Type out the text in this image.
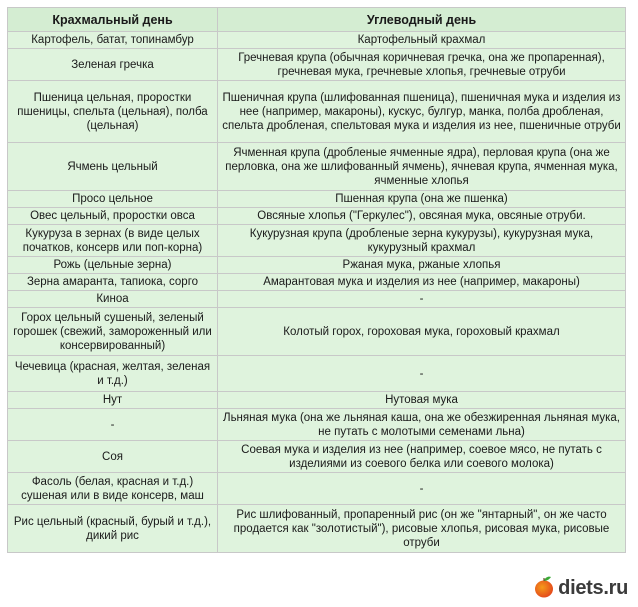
Крахмальный день	Углеводный день
Картофель, батат, топинамбур	Картофельный крахмал
Зеленая гречка	Гречневая крупа (обычная коричневая гречка, она же пропаренная), гречневая мука, гречневые хлопья, гречневые отруби
Пшеница цельная, проростки пшеницы, спельта (цельная), полба (цельная)	Пшеничная крупа (шлифованная пшеница), пшеничная мука и изделия из нее (например, макароны), кускус, булгур, манка, полба дробленая, спельта дробленая, спельтовая мука и изделия из нее, пшеничные отруби
Ячмень цельный	Ячменная крупа (дробленые ячменные ядра), перловая крупа (она же перловка, она же шлифованный ячмень), ячневая крупа, ячменная мука, ячменные хлопья
Просо цельное	Пшенная крупа (она же пшенка)
Овес цельный, проростки овса	Овсяные хлопья ("Геркулес"), овсяная мука, овсяные отруби.
Кукуруза в зернах (в виде целых початков, консерв или поп-корна)	Кукурузная крупа (дробленые зерна кукурузы), кукурузная мука, кукурузный крахмал
Рожь (цельные зерна)	Ржаная мука, ржаные хлопья
Зерна амаранта, тапиока, сорго	Амарантовая мука и изделия из нее (например, макароны)
Киноа	-
Горох цельный сушеный, зеленый горошек (свежий, замороженный или консервированный)	Колотый горох, гороховая мука, гороховый крахмал
Чечевица (красная, желтая, зеленая и т.д.)	-
Нут	Нутовая мука
-	Льняная мука (она же льняная каша, она же обезжиренная льняная мука, не путать с молотыми семенами льна)
Соя	Соевая мука и изделия из нее (например, соевое мясо, не путать с изделиями из соевого белка или соевого молока)
Фасоль (белая, красная и т.д.) сушеная или в виде консерв, маш	-
Рис цельный (красный, бурый и т.д.), дикий рис	Рис шлифованный, пропаренный рис (он же "янтарный", он же часто продается как "золотистый"), рисовые хлопья, рисовая мука, рисовые отруби
diets.ru
